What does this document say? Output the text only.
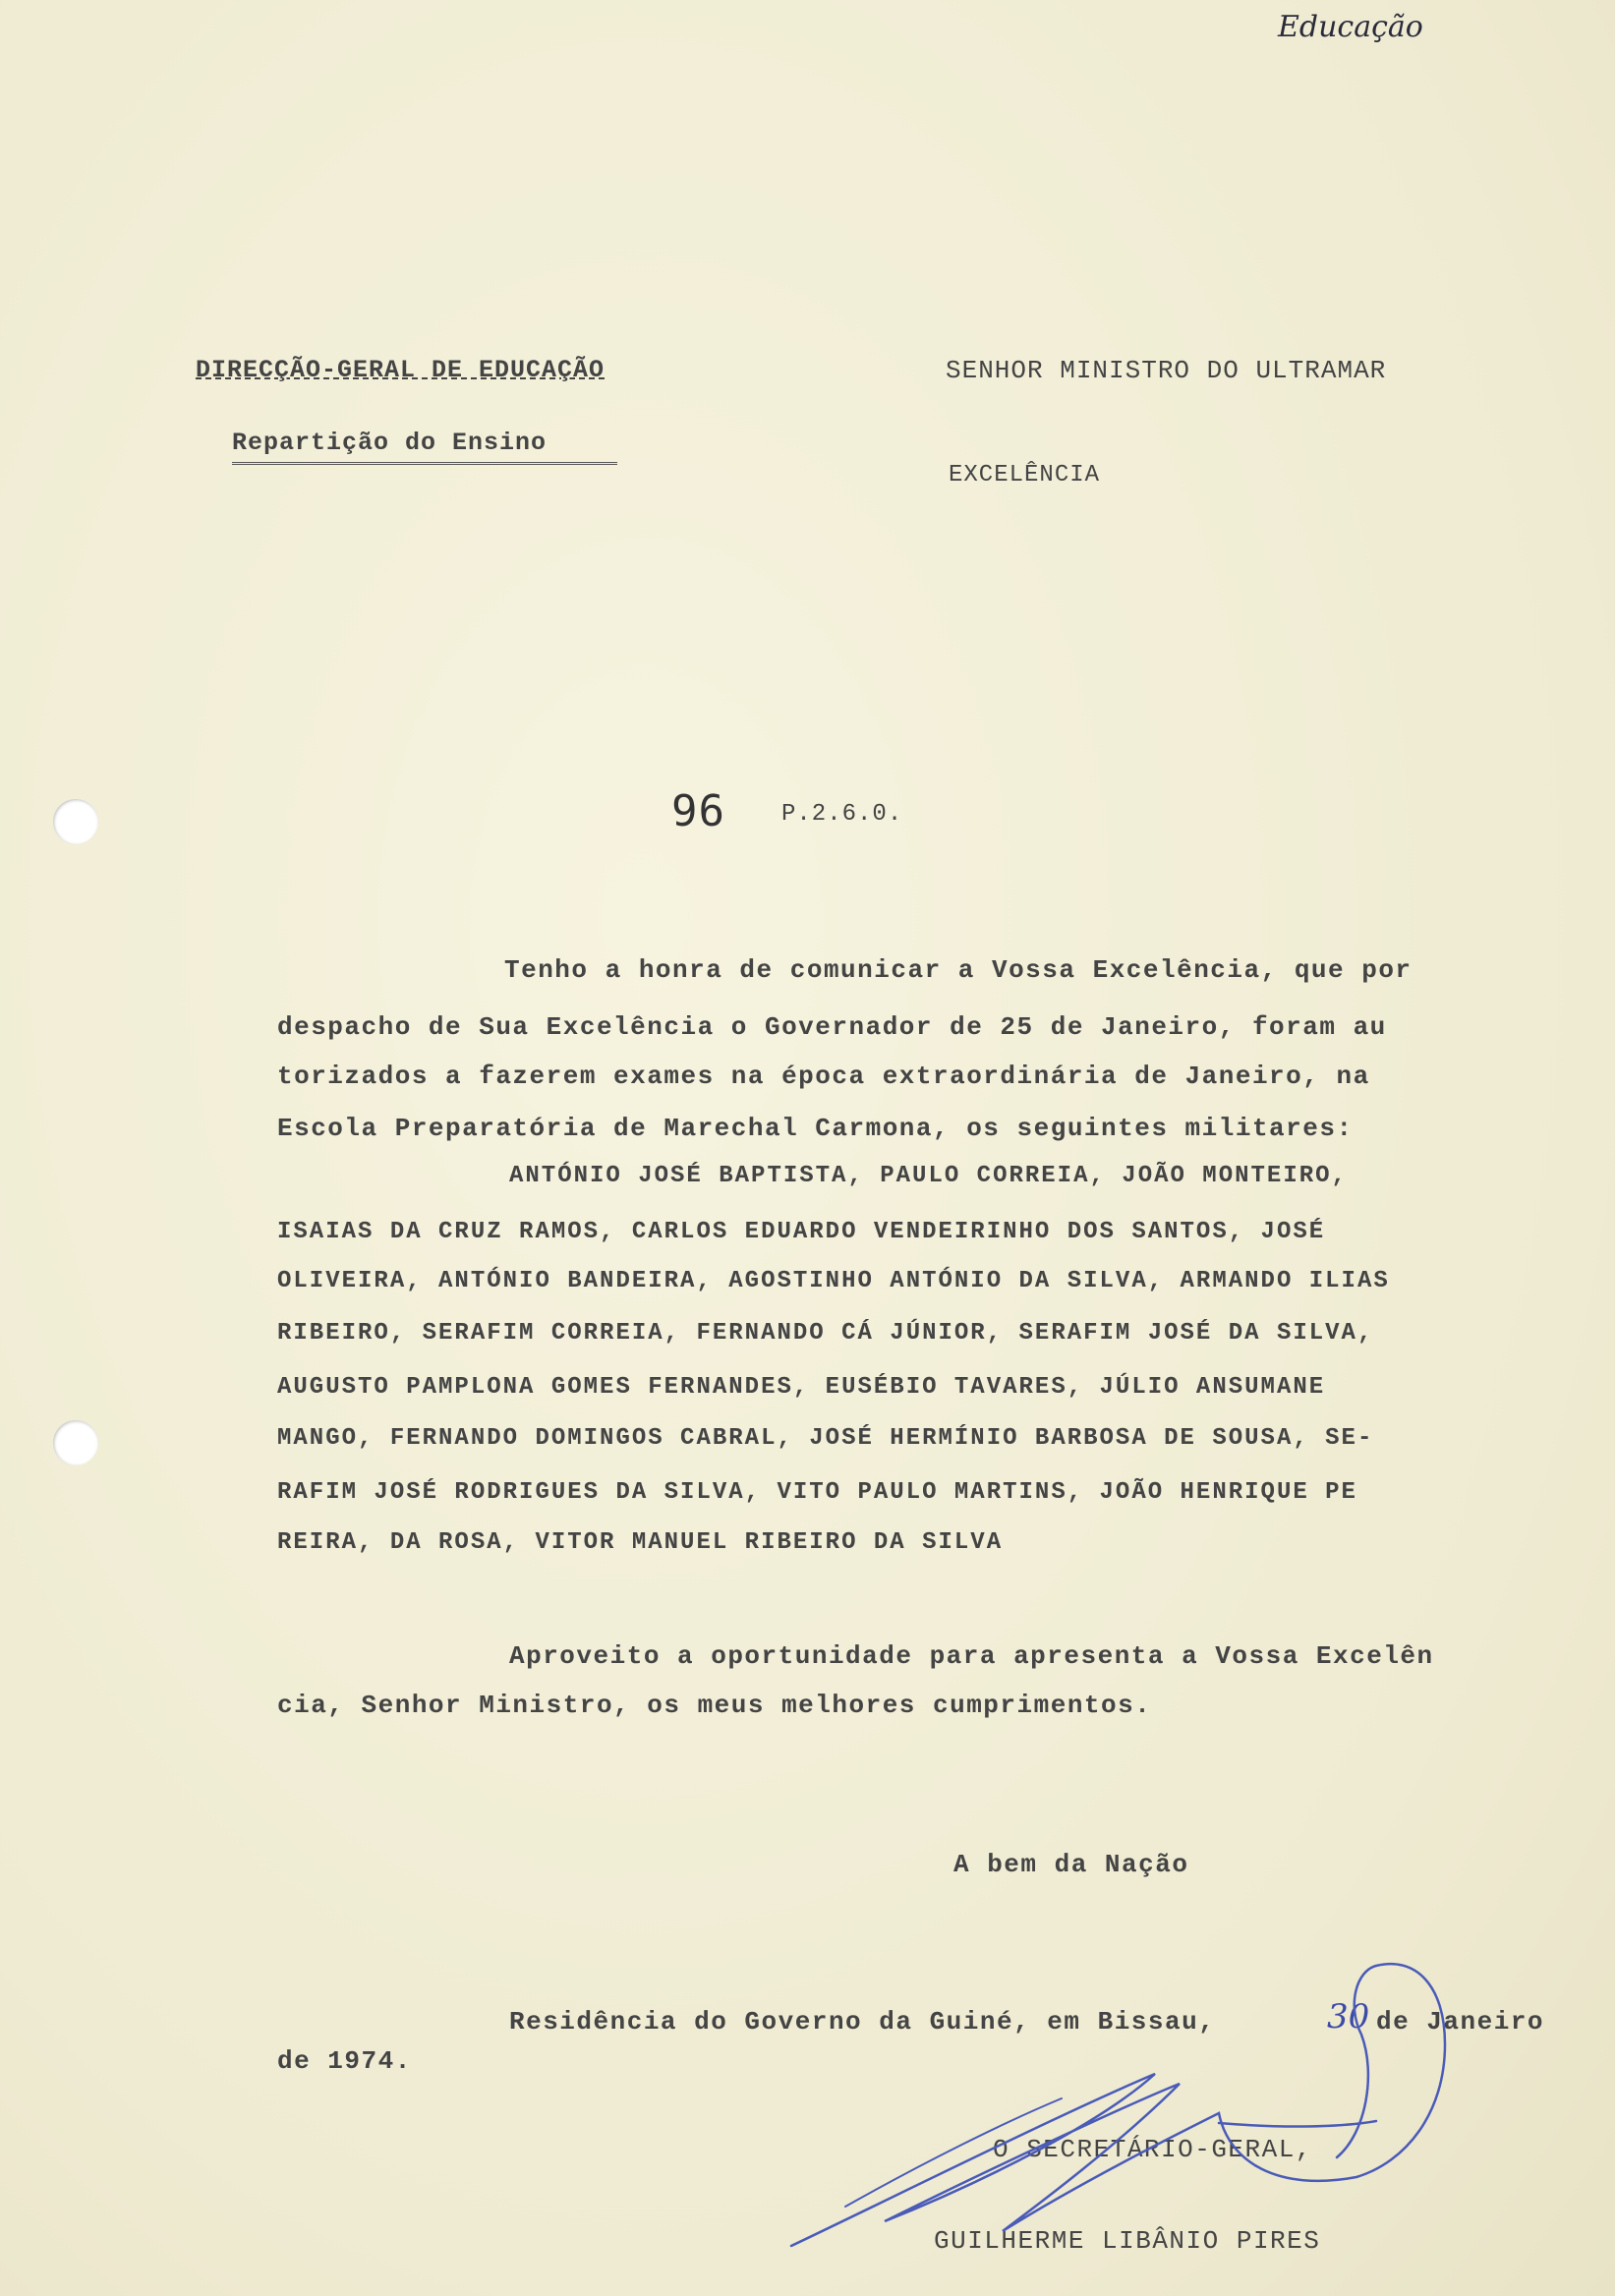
Educação
DIRECÇÃO-GERAL DE EDUCAÇÃO
Repartição do Ensino
SENHOR MINISTRO DO ULTRAMAR
EXCELÊNCIA
96 P.2.6.0.
Tenho a honra de comunicar a Vossa Excelência, que por
despacho de Sua Excelência o Governador de 25 de Janeiro, foram au
torizados a fazerem exames na época extraordinária de Janeiro, na
Escola Preparatória de Marechal Carmona, os seguintes militares:
ANTÓNIO JOSÉ BAPTISTA, PAULO CORREIA, JOÃO MONTEIRO,
ISAIAS DA CRUZ RAMOS, CARLOS EDUARDO VENDEIRINHO DOS SANTOS, JOSÉ
OLIVEIRA, ANTÓNIO BANDEIRA, AGOSTINHO ANTÓNIO DA SILVA, ARMANDO ILIAS
RIBEIRO, SERAFIM CORREIA, FERNANDO CÁ JÚNIOR, SERAFIM JOSÉ DA SILVA,
AUGUSTO PAMPLONA GOMES FERNANDES, EUSÉBIO TAVARES, JÚLIO ANSUMANE
MANGO, FERNANDO DOMINGOS CABRAL, JOSÉ HERMÍNIO BARBOSA DE SOUSA, SE-
RAFIM JOSÉ RODRIGUES DA SILVA, VITO PAULO MARTINS, JOÃO HENRIQUE PE
REIRA, DA ROSA, VITOR MANUEL RIBEIRO DA SILVA
Aproveito a oportunidade para apresenta a Vossa Excelên
cia, Senhor Ministro, os meus melhores cumprimentos.
A bem da Nação
Residência do Governo da Guiné, em Bissau,	30 de Janeiro
de 1974.
O SECRETÁRIO-GERAL,
GUILHERME LIBÂNIO PIRES
